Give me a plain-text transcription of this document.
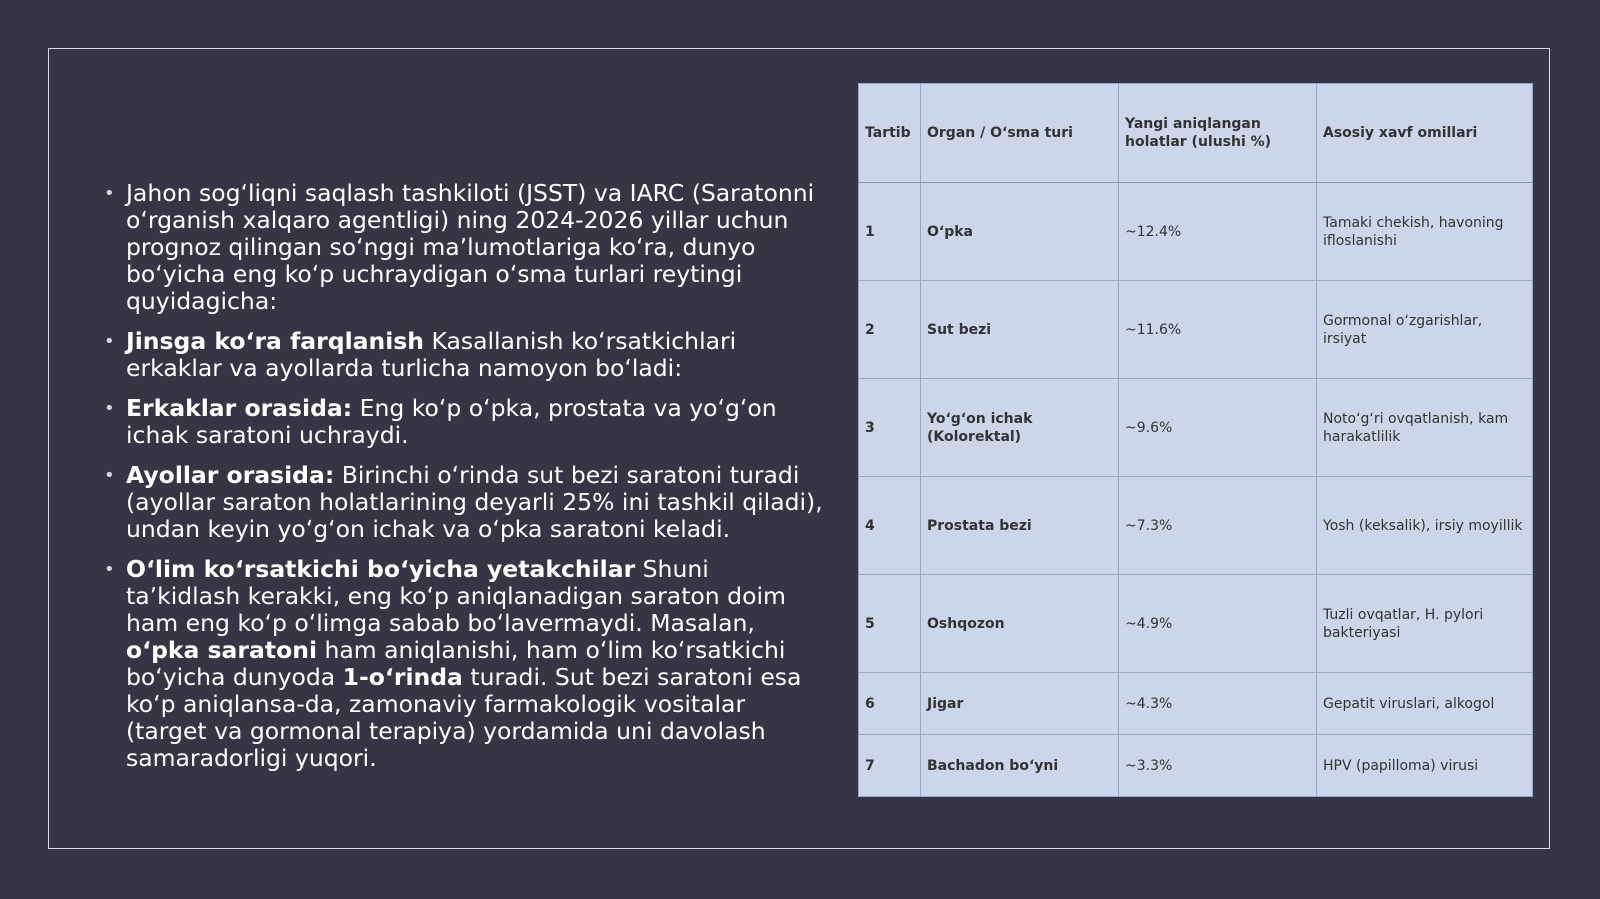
• Jahon sogʻliqni saqlash tashkiloti (JSST) va IARC (Saratonni oʻrganish xalqaro agentligi) ning 2024-2026 yillar uchun prognoz qilingan soʻnggi maʼlumotlariga koʻra, dunyo boʻyicha eng koʻp uchraydigan oʻsma turlari reytingi quyidagicha:
• Jinsga koʻra farqlanish Kasallanish koʻrsatkichlari erkaklar va ayollarda turlicha namoyon boʻladi:
• Erkaklar orasida: Eng koʻp oʻpka, prostata va yoʻgʻon ichak saratoni uchraydi.
• Ayollar orasida: Birinchi oʻrinda sut bezi saratoni turadi (ayollar saraton holatlarining deyarli 25% ini tashkil qiladi), undan keyin yoʻgʻon ichak va oʻpka saratoni keladi.
• Oʻlim koʻrsatkichi boʻyicha yetakchilar Shuni taʼkidlash kerakki, eng koʻp aniqlanadigan saraton doim ham eng koʻp oʻlimga sabab boʻlavermaydi. Masalan, oʻpka saratoni ham aniqlanishi, ham oʻlim koʻrsatkichi boʻyicha dunyoda 1-oʻrinda turadi. Sut bezi saratoni esa koʻp aniqlansa-da, zamonaviy farmakologik vositalar (target va gormonal terapiya) yordamida uni davolash samaradorligi yuqori.
Tartib	Organ / Oʻsma turi	Yangi aniqlangan holatlar (ulushi %)	Asosiy xavf omillari
1	Oʻpka	~12.4%	Tamaki chekish, havoning ifloslanishi
2	Sut bezi	~11.6%	Gormonal oʻzgarishlar, irsiyat
3	Yoʻgʻon ichak (Kolorektal)	~9.6%	Notoʻgʻri ovqatlanish, kam harakatlilik
4	Prostata bezi	~7.3%	Yosh (keksalik), irsiy moyillik
5	Oshqozon	~4.9%	Tuzli ovqatlar, H. pylori bakteriyasi
6	Jigar	~4.3%	Gepatit viruslari, alkogol
7	Bachadon boʻyni	~3.3%	HPV (papilloma) virusi
